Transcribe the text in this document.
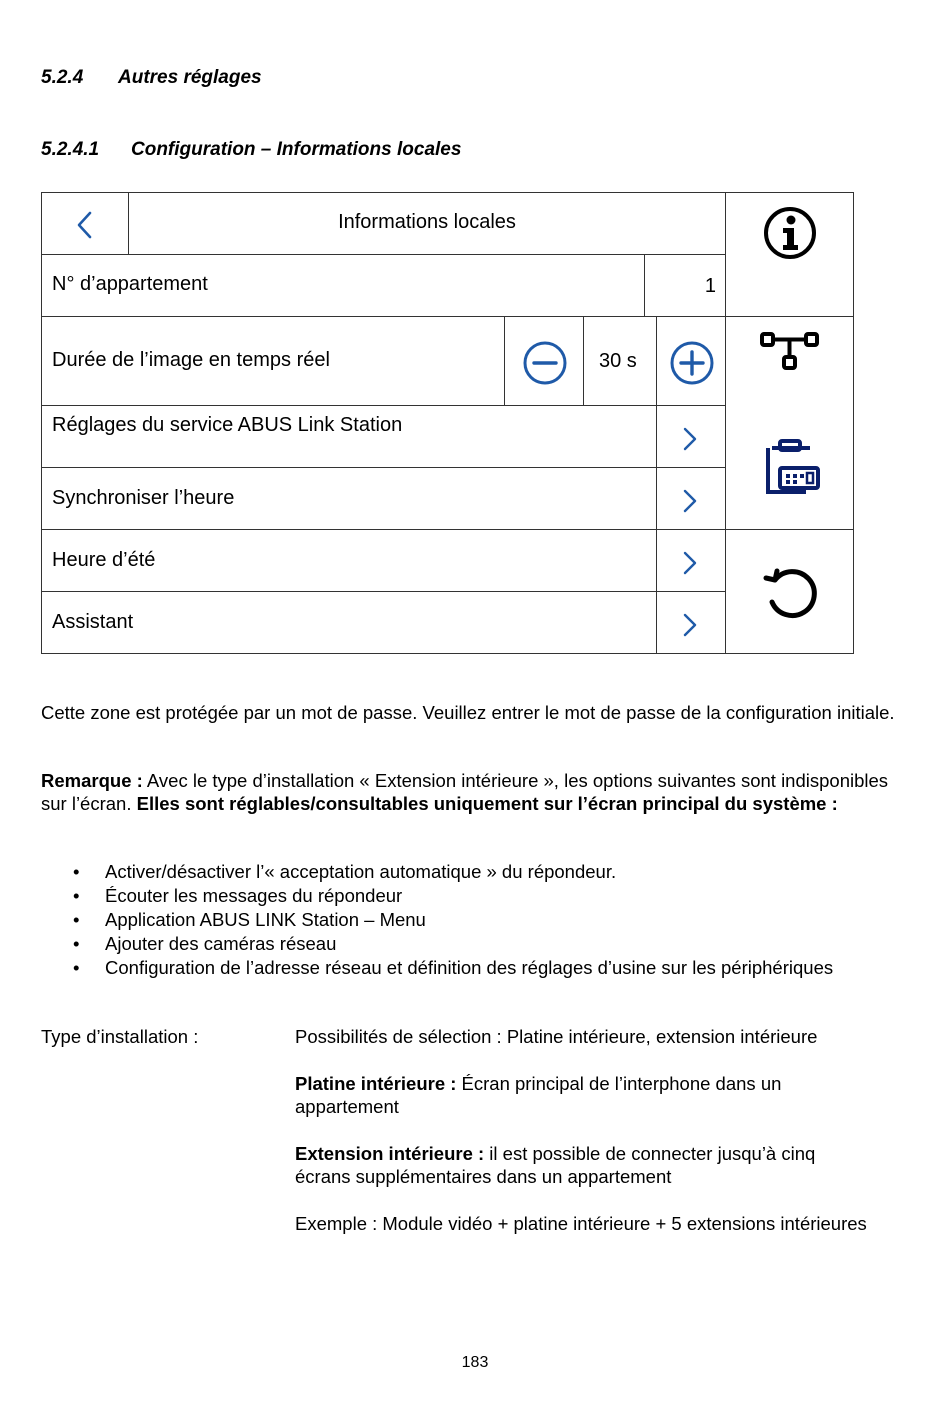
5.2.4 Autres réglages
5.2.4.1 Configuration – Informations locales
Informations locales
N° d’appartement	1
Durée de l’image en temps réel	30 s
Réglages du service ABUS Link Station
Synchroniser l’heure
Heure d’été
Assistant
Cette zone est protégée par un mot de passe. Veuillez entrer le mot de passe de la configuration initiale.
Remarque : Avec le type d’installation « Extension intérieure », les options suivantes sont indisponibles sur l’écran. Elles sont réglables/consultables uniquement sur l’écran principal du système :
• Activer/désactiver l’« acceptation automatique » du répondeur.
• Écouter les messages du répondeur
• Application ABUS LINK Station – Menu
• Ajouter des caméras réseau
• Configuration de l’adresse réseau et définition des réglages d’usine sur les périphériques
Type d’installation :	Possibilités de sélection : Platine intérieure, extension intérieure
Platine intérieure : Écran principal de l’interphone dans un appartement
Extension intérieure : il est possible de connecter jusqu’à cinq écrans supplémentaires dans un appartement
Exemple : Module vidéo + platine intérieure + 5 extensions intérieures
183
